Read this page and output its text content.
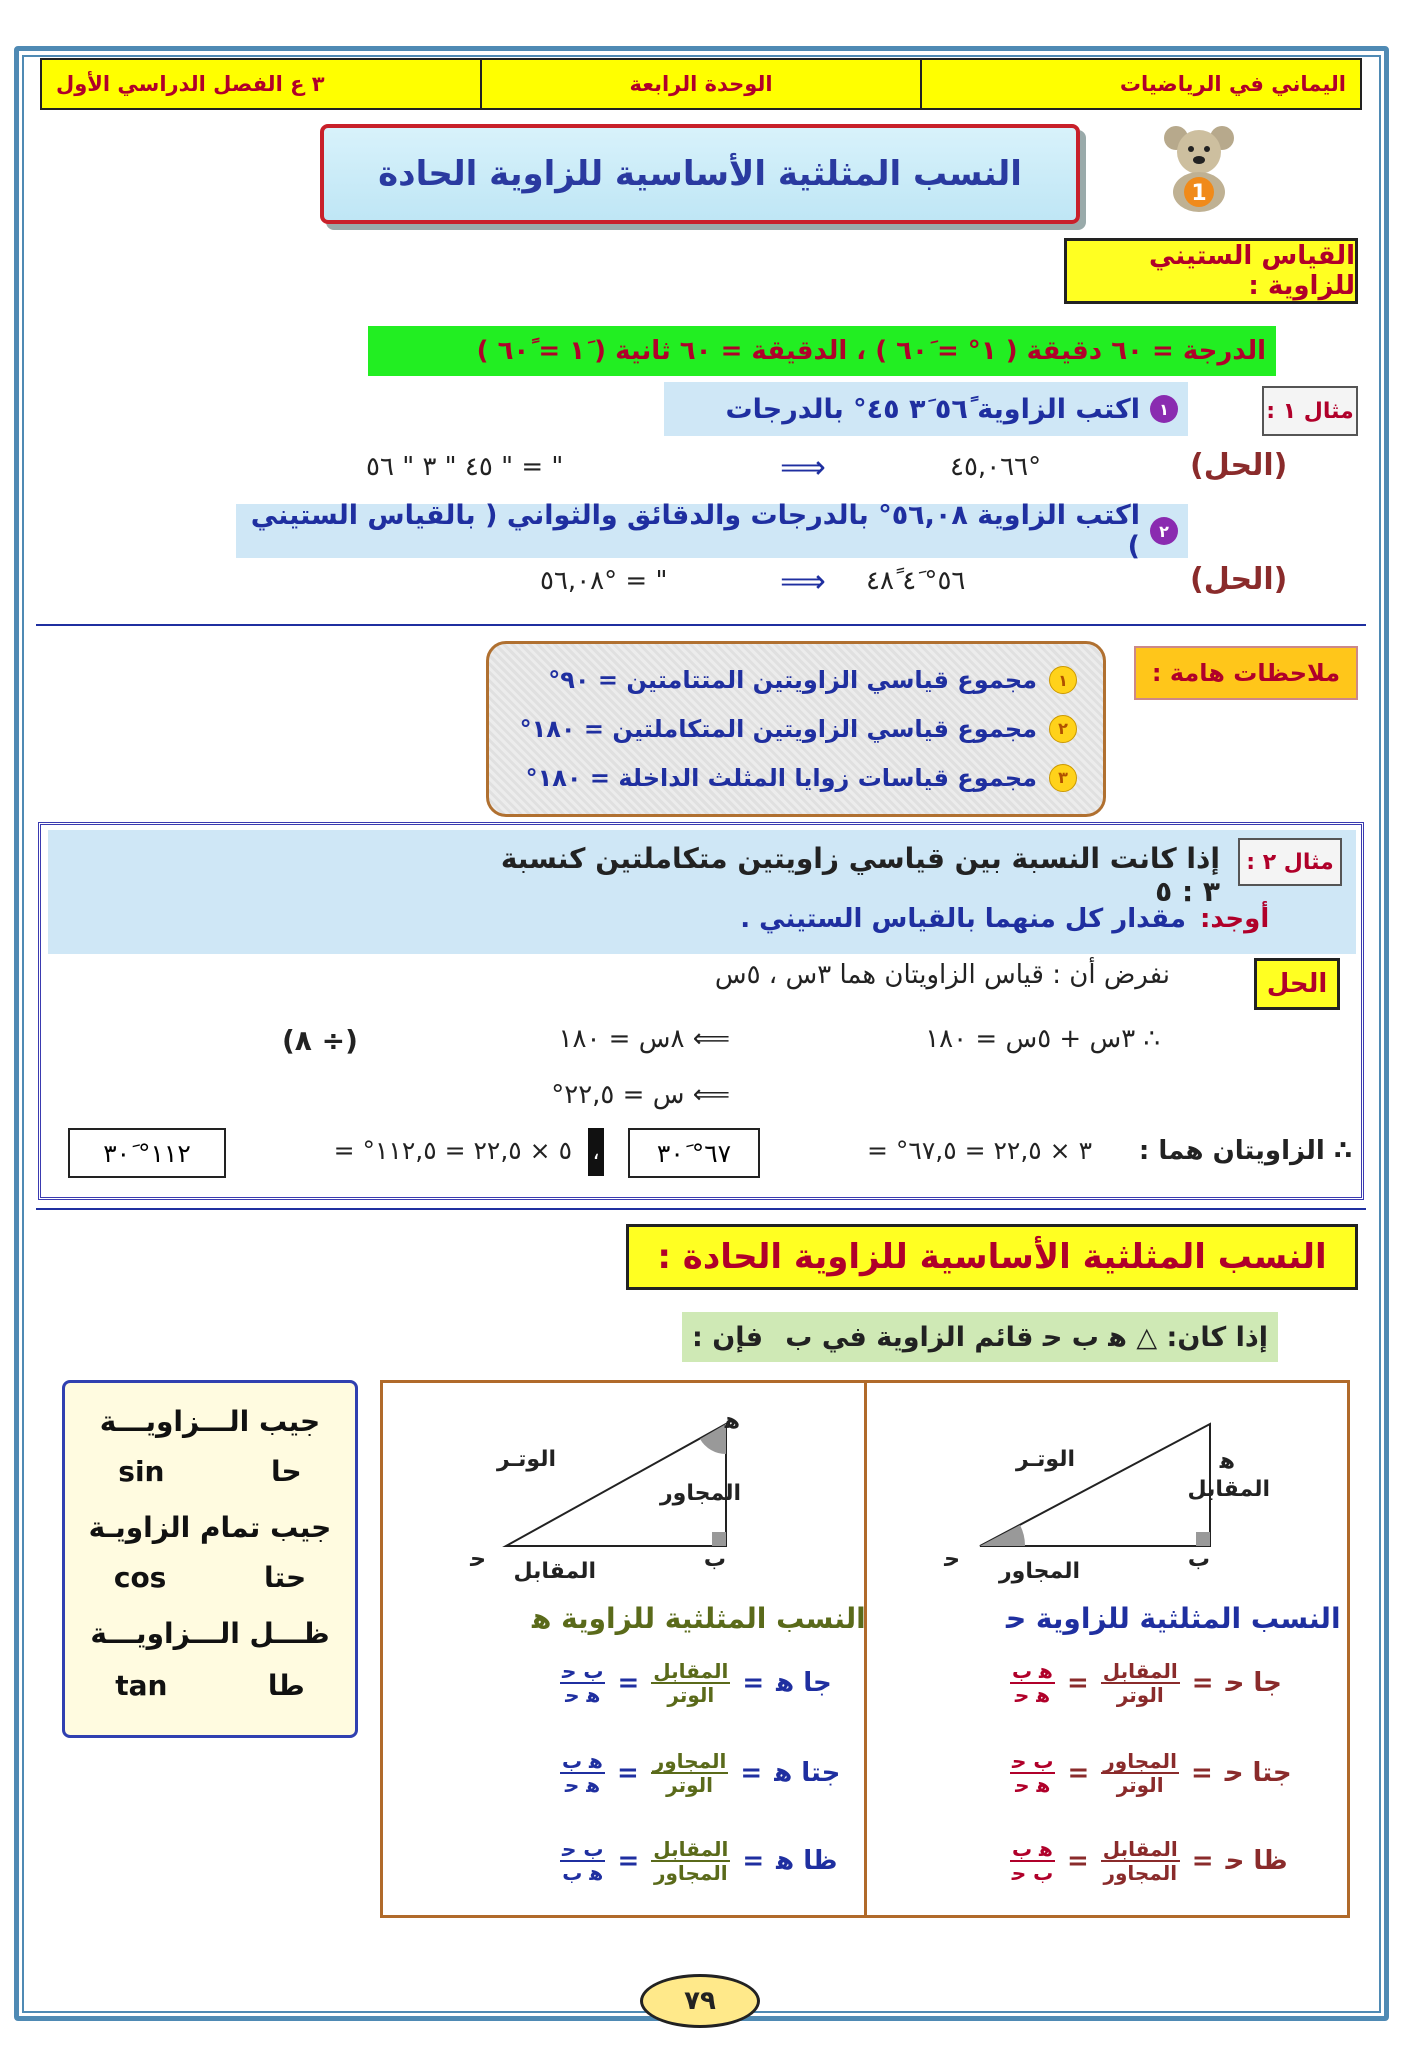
اليماني في الرياضيات
الوحدة الرابعة
٣ ع الفصل الدراسي الأول
1
النسب المثلثية الأساسية للزاوية الحادة
القياس الستيني للزاوية :
الدرجة = ٦٠ دقيقة ( ١° = ٦٠َ ) ، الدقيقة = ٦٠ ثانية ( ١َ = ٦٠ً )
مثال ١ :
١
اكتب الزاوية ٥٦ً ٣َ ٤٥° بالدرجات
(الحل)
٤٥,٠٦٦°
⟹
٤٥ " ٣ " ٥٦ " = "
٢
اكتب الزاوية ٥٦,٠٨° بالدرجات والدقائق والثواني ( بالقياس الستيني )
(الحل)
٥٦° ٤َ ٤٨ً
⟹
٥٦,٠٨° = "
ملاحظات هامة :
١
مجموع قياسي الزاويتين المتتامتين = ٩٠°
٢
مجموع قياسي الزاويتين المتكاملتين = ١٨٠°
٣
مجموع قياسات زوايا المثلث الداخلة = ١٨٠°
مثال ٢ :
إذا كانت النسبة بين قياسي زاويتين متكاملتين كنسبة ٣ : ٥
أوجد:
مقدار كل منهما بالقياس الستيني .
الحل
نفرض أن : قياس الزاويتان هما ٣س ، ٥س
∴ ٣س + ٥س = ١٨٠
⟸ ٨س = ١٨٠
(÷ ٨)
⟸ س = ٢٢,٥°
∴ الزاويتان هما :
٦٧° ٣٠َ	٣ × ٢٢,٥ = ٦٧,٥° =
،
١١٢° ٣٠َ	٥ × ٢٢,٥ = ١١٢,٥° =
النسب المثلثية الأساسية للزاوية الحادة :
إذا كان: △ ﻫ ب ﺣ قائم الزاوية في ب
فإن :
جيب الـــزاويـــة
حا
sin
جيب تمام الزاويـة
حتا
cos
ظـــل الـــزاويـــة
طا
tan
ﻫ
ب
ﺣ
الوتـر
المقابل
المجاور
النسب المثلثية للزاوية ﺣ
جا ﺣ
=
$\frac{\text{المقابل}}{\text{الوتر}}$
=
$\frac{\text{ﻫ ب}}{\text{ﻫ ﺣ}}$
جتا ﺣ
=
$\frac{\text{المجاور}}{\text{الوتر}}$
=
$\frac{\text{ب ﺣ}}{\text{ﻫ ﺣ}}$
ظا ﺣ
=
$\frac{\text{المقابل}}{\text{المجاور}}$
=
$\frac{\text{ﻫ ب}}{\text{ب ﺣ}}$
ﻫ
ب
ﺣ
الوتـر
المجاور
المقابل
النسب المثلثية للزاوية ﻫ
جا ﻫ
=
$\frac{\text{المقابل}}{\text{الوتر}}$
=
$\frac{\text{ب ﺣ}}{\text{ﻫ ﺣ}}$
جتا ﻫ
=
$\frac{\text{المجاور}}{\text{الوتر}}$
=
$\frac{\text{ﻫ ب}}{\text{ﻫ ﺣ}}$
ظا ﻫ
=
$\frac{\text{المقابل}}{\text{المجاور}}$
=
$\frac{\text{ب ﺣ}}{\text{ﻫ ب}}$
٧٩
